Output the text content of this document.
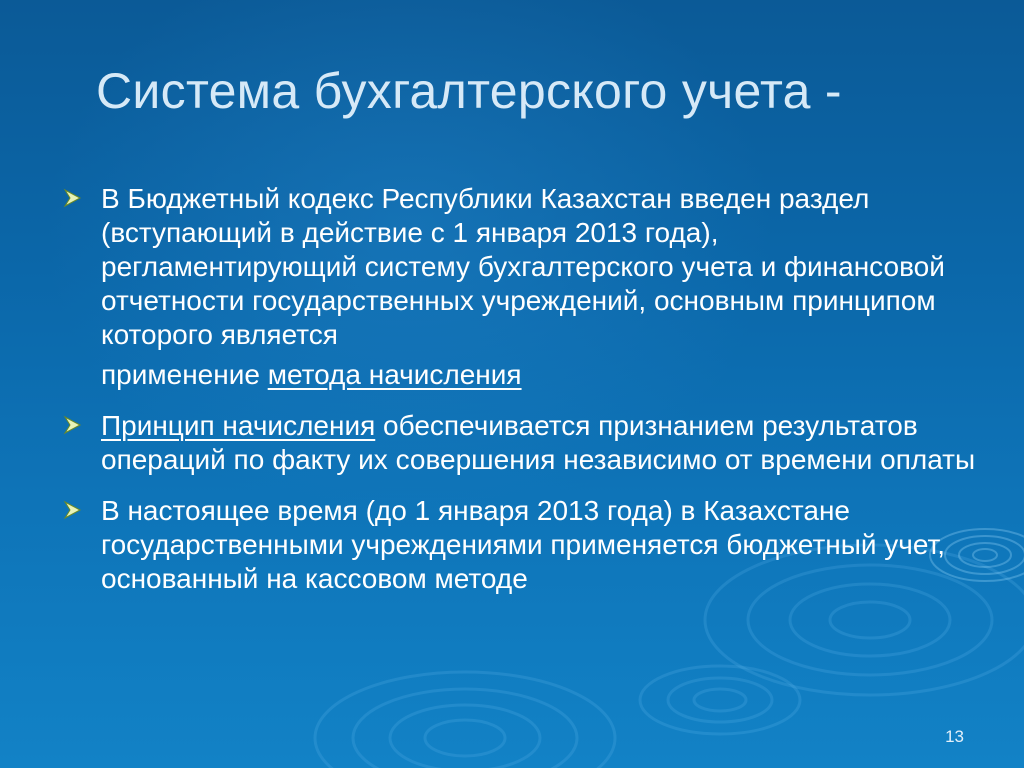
Система бухгалтерского учета -
В Бюджетный кодекс Республики Казахстан введен раздел (вступающий в действие с 1 января 2013 года), регламентирующий систему бухгалтерского учета и финансовой отчетности государственных учреждений, основным принципом которого является
применение метода начисления
Принцип начисления обеспечивается признанием результатов операций по факту их совершения независимо от времени оплаты
В настоящее время (до 1 января 2013 года) в Казахстане государственными учреждениями применяется бюджетный учет, основанный на кассовом методе
13
